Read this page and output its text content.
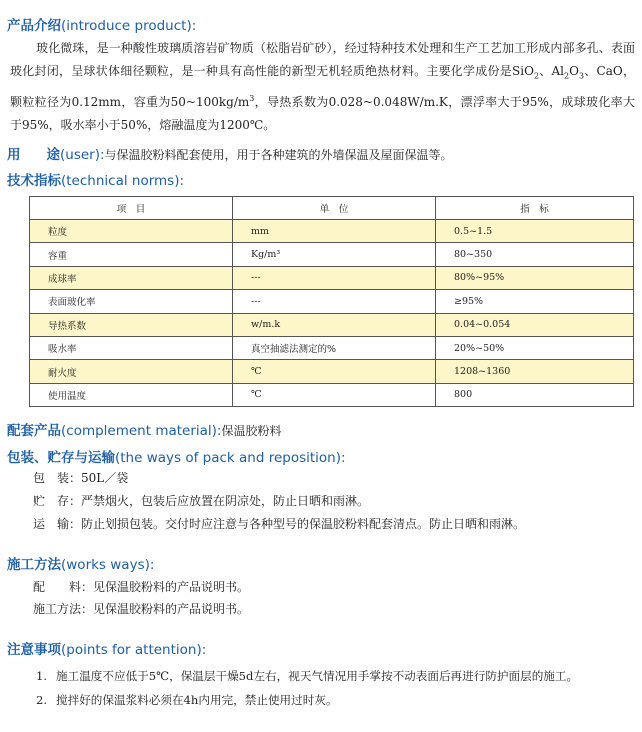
产品介绍(introduce product):
玻化微珠，是一种酸性玻璃质溶岩矿物质（松脂岩矿砂），经过特种技术处理和生产工艺加工形成内部多孔、表面玻化封闭，呈球状体细径颗粒，是一种具有高性能的新型无机轻质绝热材料。主要化学成份是SiO$_2$、$Al_2O_3$、CaO，颗粒粒径为0.12mm，容重为$50\sim 100kg/m^3$，导热系数为0.028~0.048W/m.K，漂浮率大于95%，成球玻化率大于95%，吸水率小于50%，熔融温度为1200℃。
用 途(user):与保温胶粉料配套使用，用于各种建筑的外墙保温及屋面保温等。
技术指标(technical norms):
项　目	单　位	指　标
粒度	mm	0.5~1.5
容重	Kg/m³	80~350
成球率	---	80%~95%
表面玻化率	---	≥95%
导热系数	w/m.k	0.04~0.054
吸水率	真空抽滤法测定的%	20%~50%
耐火度	℃	1208~1360
使用温度	℃	800
配套产品(complement material):保温胶粉料
包装、贮存与运输(the ways of pack and reposition):
包　装：50L／袋
贮　存：严禁烟火，包装后应放置在阴凉处，防止日晒和雨淋。
运　输：防止划损包装。交付时应注意与各种型号的保温胶粉料配套清点。防止日晒和雨淋。
施工方法(works ways):
配　　料：见保温胶粉料的产品说明书。
施工方法：见保温胶粉料的产品说明书。
注意事项(points for attention):
1. 施工温度不应低于5℃，保温层干燥5d左右，视天气情况用手掌按不动表面后再进行防护面层的施工。
2. 搅拌好的保温浆料必须在4h内用完，禁止使用过时灰。
